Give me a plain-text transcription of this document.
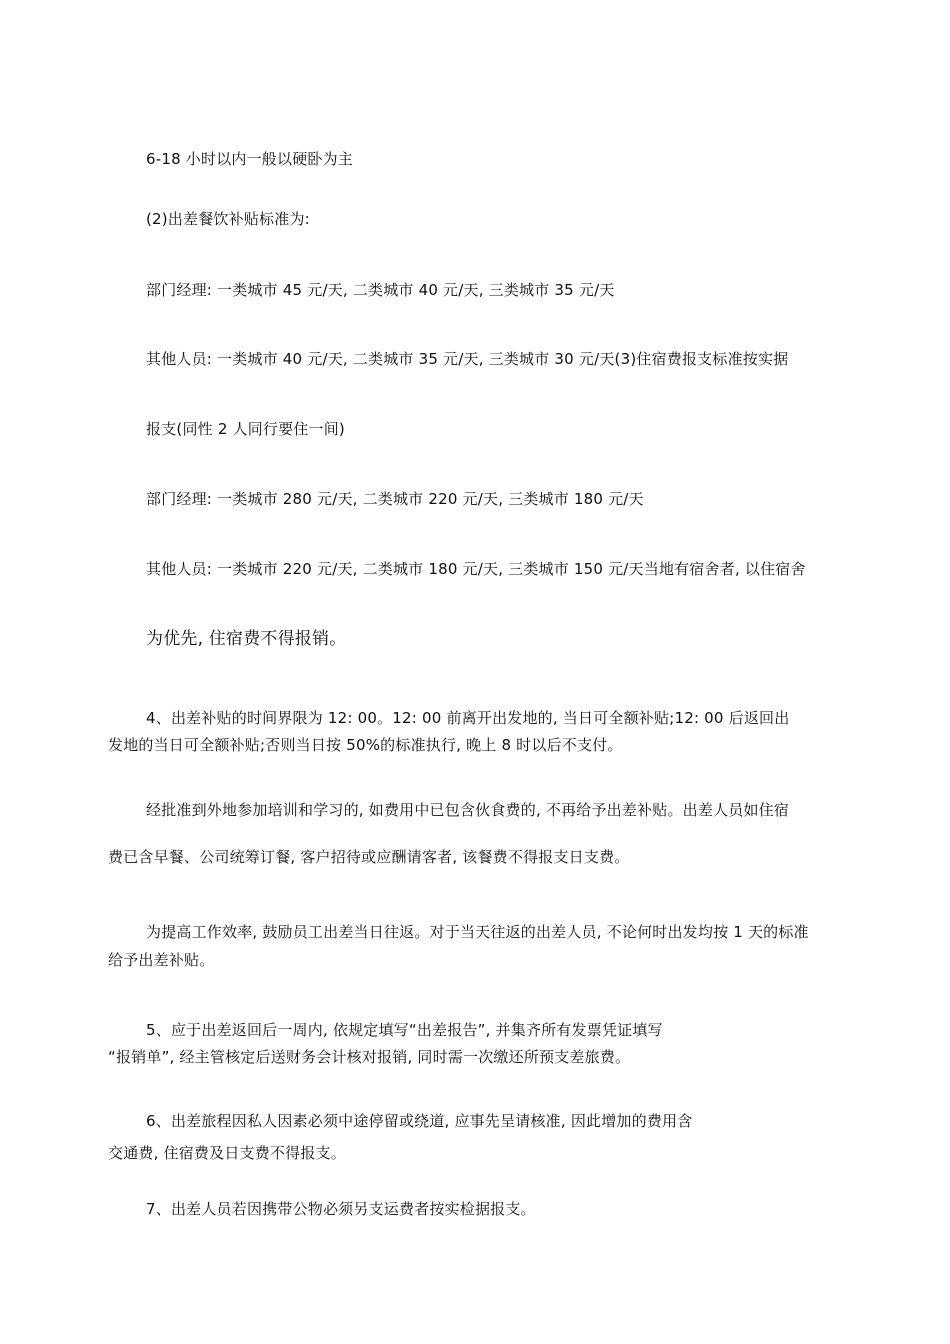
6-18 小时以内一般以硬卧为主
(2)出差餐饮补贴标准为:
部门经理: 一类城市 45 元/天, 二类城市 40 元/天, 三类城市 35 元/天
其他人员: 一类城市 40 元/天, 二类城市 35 元/天, 三类城市 30 元/天(3)住宿费报支标准按实据
报支(同性 2 人同行要住一间)
部门经理: 一类城市 280 元/天, 二类城市 220 元/天, 三类城市 180 元/天
其他人员: 一类城市 220 元/天, 二类城市 180 元/天, 三类城市 150 元/天当地有宿舍者, 以住宿舍
为优先, 住宿费不得报销。
4、出差补贴的时间界限为 12: 00。12: 00 前离开出发地的, 当日可全额补贴;12: 00 后返回出
发地的当日可全额补贴;否则当日按 50%的标准执行, 晚上 8 时以后不支付。
经批准到外地参加培训和学习的, 如费用中已包含伙食费的, 不再给予出差补贴。出差人员如住宿
费已含早餐、公司统筹订餐, 客户招待或应酬请客者, 该餐费不得报支日支费。
为提高工作效率, 鼓励员工出差当日往返。对于当天往返的出差人员, 不论何时出发均按 1 天的标准
给予出差补贴。
5、应于出差返回后一周内, 依规定填写“出差报告”, 并集齐所有发票凭证填写
“报销单”, 经主管核定后送财务会计核对报销, 同时需一次缴还所预支差旅费。
6、出差旅程因私人因素必须中途停留或绕道, 应事先呈请核准, 因此增加的费用含
交通费, 住宿费及日支费不得报支。
7、出差人员若因携带公物必须另支运费者按实检据报支。
